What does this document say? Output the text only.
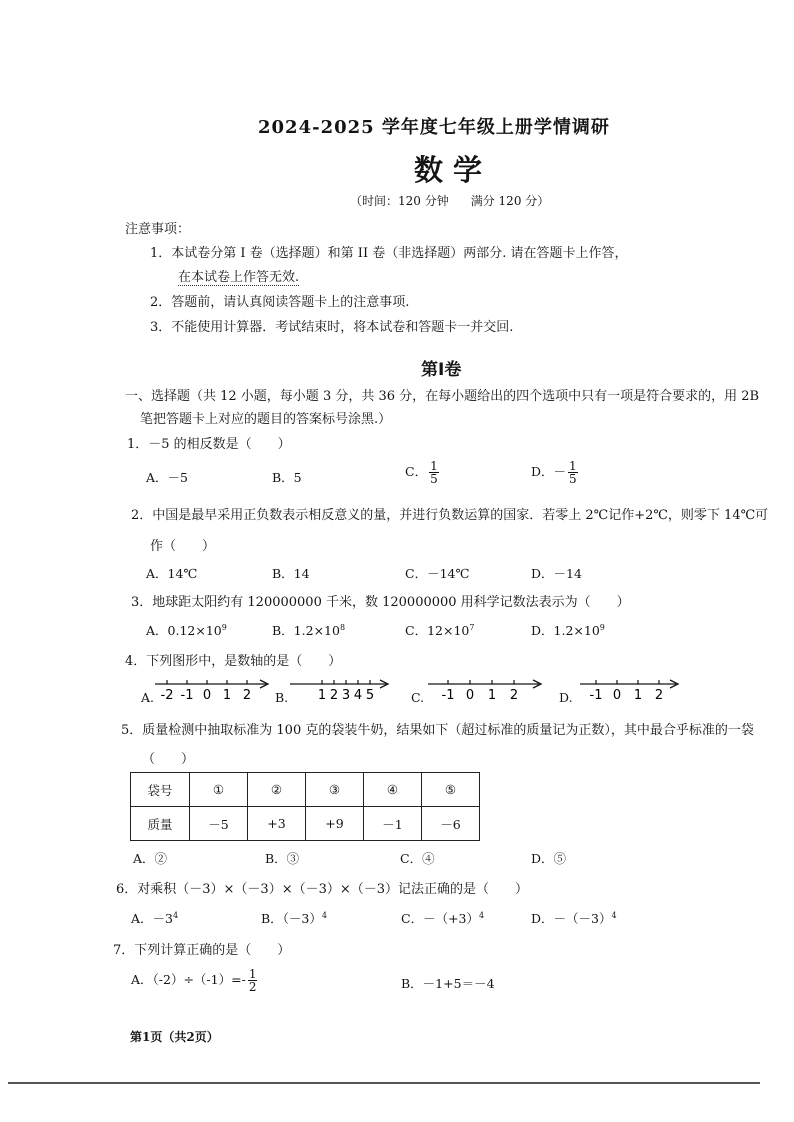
2024-2025 学年度七年级上册学情调研
数学
（时间：120 分钟 满分 120 分）
注意事项：
1．本试卷分第 I 卷（选择题）和第 II 卷（非选择题）两部分. 请在答题卡上作答，
在本试卷上作答无效.
2．答题前，请认真阅读答题卡上的注意事项.
3．不能使用计算器．考试结束时，将本试卷和答题卡一并交回.
第Ⅰ卷
一、选择题（共 12 小题，每小题 3 分，共 36 分，在每小题给出的四个选项中只有一项是符合要求的，用 2B
笔把答题卡上对应的题目的答案标号涂黑.）
1．－5 的相反数是（　　）
A．－5	B．5	C． $\frac{1}{5}$	D．－ $\frac{1}{5}$
2．中国是最早采用正负数表示相反意义的量，并进行负数运算的国家．若零上 2℃记作+2℃，则零下 14℃可
作（　　）
A．14℃	B．14	C．－14℃	D．－14
3．地球距太阳约有 120000000 千米，数 120000000 用科学记数法表示为（　　）
A．$0.12\times 10^9$	B．$1.2\times 10^8$	C．$12\times 10^7$	D．$1.2\times 10^9$
4．下列图形中，是数轴的是（　　）
A.	B.	C.	D.
-2 -1 0 1 2	1 2 3 4 5	-1 0 1 2	-1 0 1 2
5．质量检测中抽取标准为 100 克的袋装牛奶，结果如下（超过标准的质量记为正数），其中最合乎标准的一袋
（　　）
袋号	①	②	③	④	⑤
质量	－5	+3	+9	－1	－6
A．②	B．③	C．④	D．⑤
6．对乘积（－3）×（－3）×（－3）×（－3）记法正确的是（　　）
A．$-3^4$	B．$(-3)^4$	C．$-(+3)^4$	D．$-(-3)^4$
7．下列计算正确的是（　　）
A．$(-2)\div(-1)=- \frac{1}{2}$	B．－1+5＝－4
第1页（共2页）
